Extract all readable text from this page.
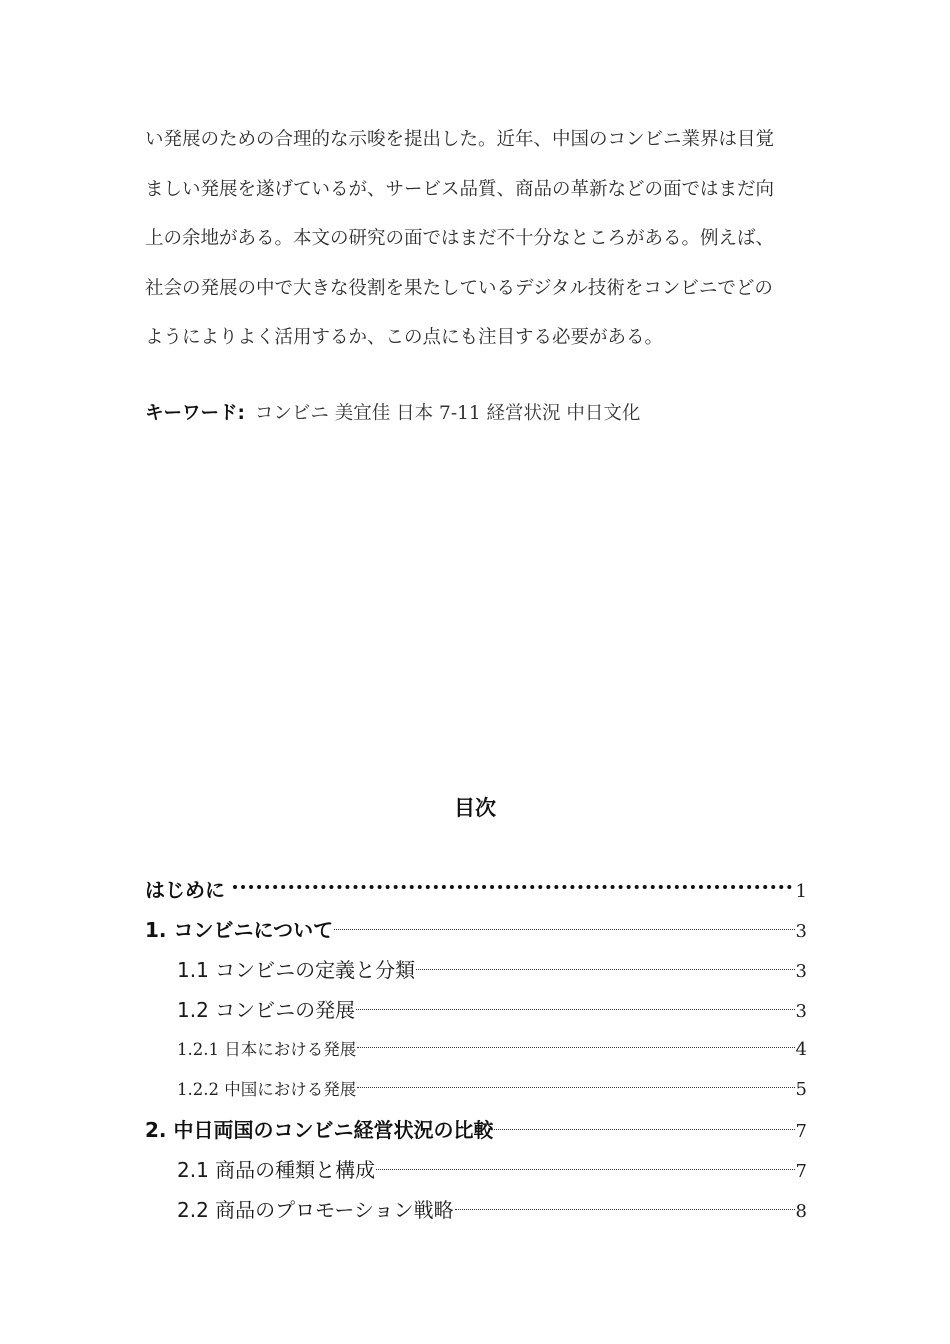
い発展のための合理的な示唆を提出した。近年、中国のコンビニ業界は目覚
ましい発展を遂げているが、サービス品質、商品の革新などの面ではまだ向
上の余地がある。本文の研究の面ではまだ不十分なところがある。例えば、
社会の発展の中で大きな役割を果たしているデジタル技術をコンビニでどの
ようによりよく活用するか、この点にも注目する必要がある。
キーワード: コンビニ 美宜佳 日本 7-11 経営状況 中日文化
目次
はじめに	1
1. コンビニについて	3
1.1 コンビニの定義と分類	3
1.2 コンビニの発展	3
1.2.1 日本における発展	4
1.2.2 中国における発展	5
2. 中日両国のコンビニ経営状況の比較	7
2.1 商品の種類と構成	7
2.2 商品のプロモーション戦略	8
